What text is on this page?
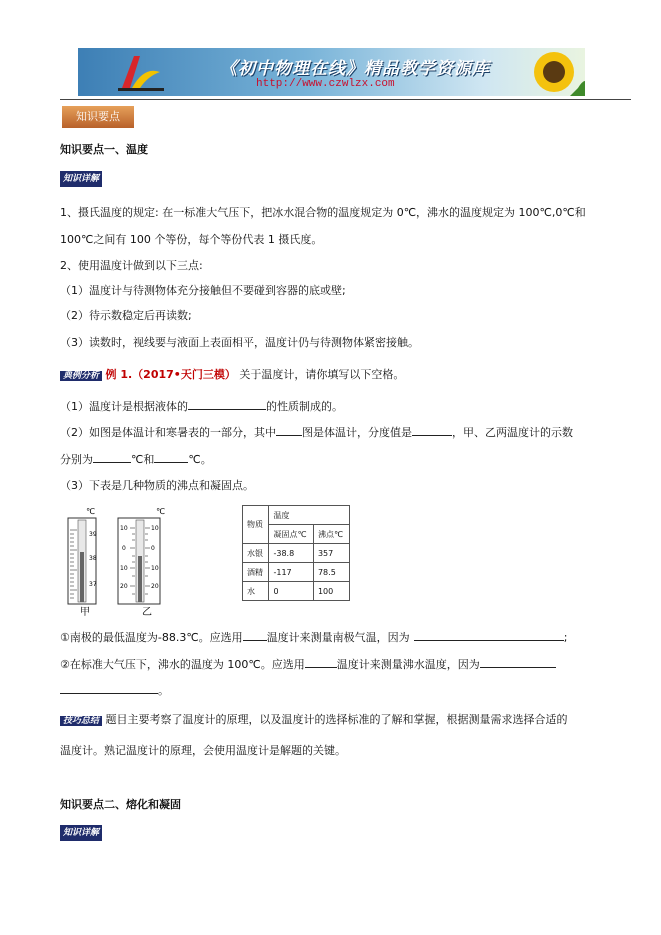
《初中物理在线》精品教学资源库
http://www.czwlzx.com
知识要点
知识要点一、温度
知识详解
1、摄氏温度的规定: 在一标准大气压下，把冰水混合物的温度规定为 0℃，沸水的温度规定为 100℃,0℃和
100℃之间有 100 个等份，每个等份代表 1 摄氏度。
2、使用温度计做到以下三点:
（1）温度计与待测物体充分接触但不要碰到容器的底或壁;
（2）待示数稳定后再读数;
（3）读数时，视线要与液面上表面相平，温度计仍与待测物体紧密接触。
典例分析 例 1.（2017•天门三模） 关于温度计，请你填写以下空格。
（1）温度计是根据液体的	的性质制成的。
（2）如图是体温计和寒暑表的一部分，其中 图是体温计，分度值是	，甲、乙两温度计的示数
分别为	℃和	℃。
（3）下表是几种物质的沸点和凝固点。
℃
39
38
37
甲
℃
10
0
10
20
10
0
10
20
乙
物质	温度	
	凝固点℃	沸点℃
水银	-38.8	357
酒精	-117	78.5
水	0	100
①南极的最低温度为-88.3℃。应选用 温度计来测量南极气温，因为	;
②在标准大气压下，沸水的温度为 100℃。应选用	温度计来测量沸水温度，因为
。
技巧总结 题目主要考察了温度计的原理，以及温度计的选择标准的了解和掌握，根据测量需求选择合适的
温度计。熟记温度计的原理，会使用温度计是解题的关键。
知识要点二、熔化和凝固
知识详解
